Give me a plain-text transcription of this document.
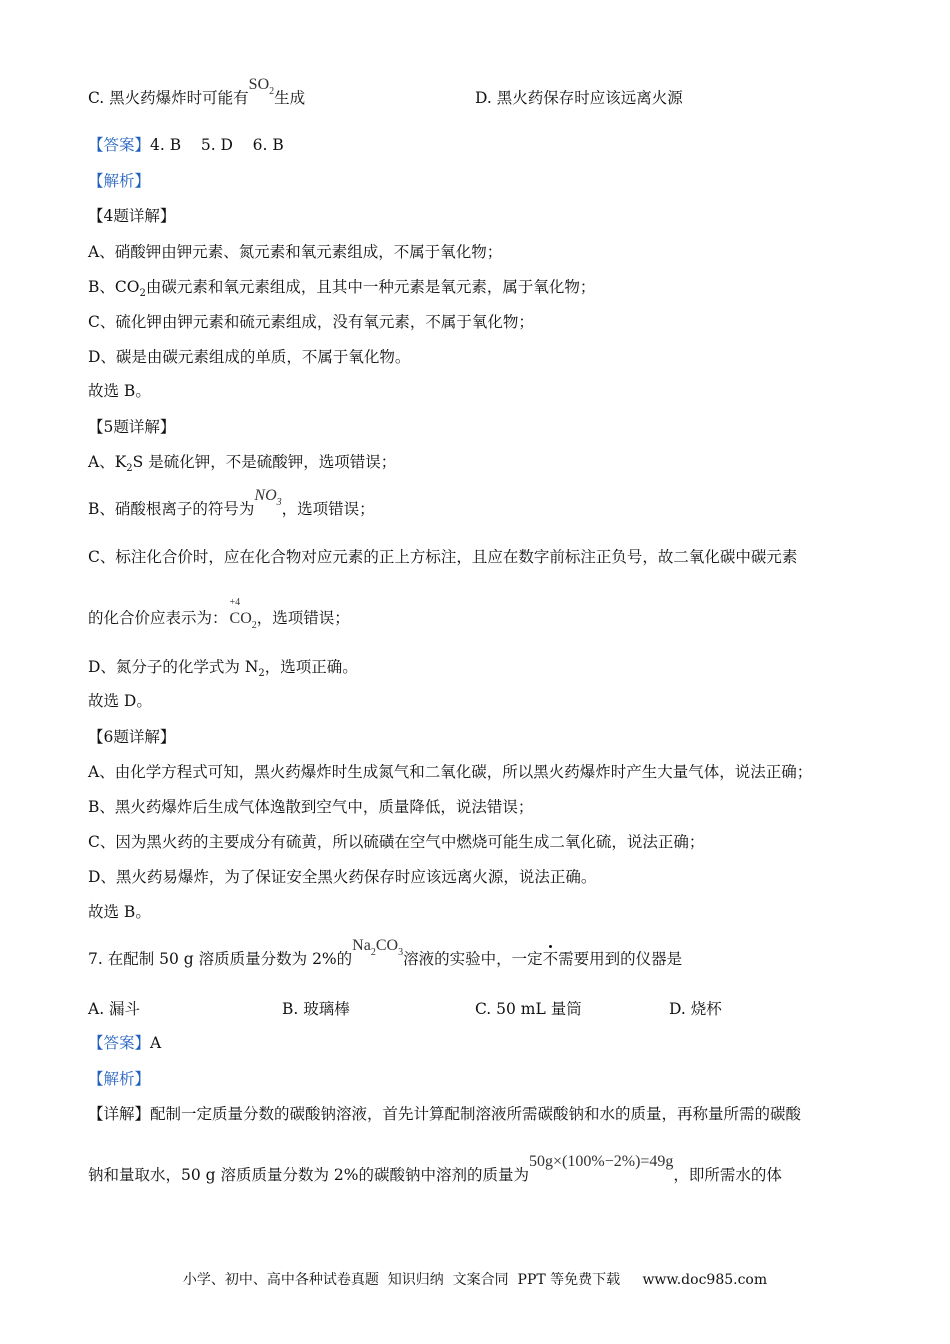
C. 黑火药爆炸时可能有$SO_2$生成	D. 黑火药保存时应该远离火源
【答案】4. B    5. D    6. B
【解析】
【4题详解】
A、硝酸钾由钾元素、氮元素和氧元素组成，不属于氧化物；
B、$CO_2$由碳元素和氧元素组成，且其中一种元素是氧元素，属于氧化物；
C、硫化钾由钾元素和硫元素组成，没有氧元素，不属于氧化物；
D、碳是由碳元素组成的单质，不属于氧化物。
故选 B。
【5题详解】
A、$K_2S$ 是硫化钾，不是硫酸钾，选项错误；
B、硝酸根离子的符号为$NO_3$，选项错误；
C、标注化合价时，应在化合物对应元素的正上方标注，且应在数字前标注正负号，故二氧化碳中碳元素
的化合价应表示为：
+4
$CO_2$，选项错误；
D、氮分子的化学式为 $N_2$，选项正确。
故选 D。
【6题详解】
A、由化学方程式可知，黑火药爆炸时生成氮气和二氧化碳，所以黑火药爆炸时产生大量气体，说法正确；
B、黑火药爆炸后生成气体逸散到空气中，质量降低，说法错误；
C、因为黑火药的主要成分有硫黄，所以硫磺在空气中燃烧可能生成二氧化硫，说法正确；
D、黑火药易爆炸，为了保证安全黑火药保存时应该远离火源，说法正确。
故选 B。
7. 在配制 50 g 溶质质量分数为 2%的$Na_2CO_3$溶液的实验中，一定不需要用到的仪器是
A. 漏斗	B. 玻璃棒	C. 50 mL 量筒	D. 烧杯
【答案】A
【解析】
【详解】配制一定质量分数的碳酸钠溶液，首先计算配制溶液所需碳酸钠和水的质量，再称量所需的碳酸
钠和量取水，50 g 溶质质量分数为 2%的碳酸钠中溶剂的质量为50g×(100%−2%)=49g，即所需水的体
小学、初中、高中各种试卷真题  知识归纳  文案合同  PPT 等免费下载     www.doc985.com
